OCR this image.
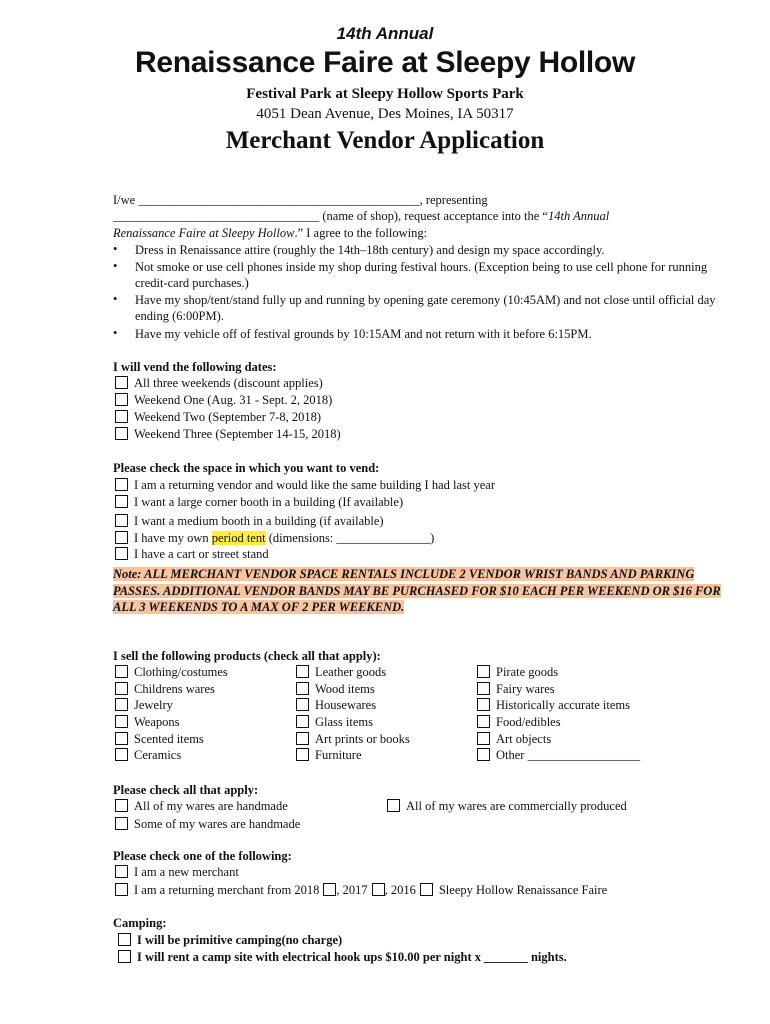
14th Annual
Renaissance Faire at Sleepy Hollow
Festival Park at Sleepy Hollow Sports Park
4051 Dean Avenue, Des Moines, IA 50317
Merchant Vendor Application
I/we _____________________________________________, representing
_________________________________ (name of shop), request acceptance into the “14th Annual
Renaissance Faire at Sleepy Hollow.” I agree to the following:
• Dress in Renaissance attire (roughly the 14th–18th century) and design my space accordingly.
• Not smoke or use cell phones inside my shop during festival hours. (Exception being to use cell phone for running credit-card purchases.)
• Have my shop/tent/stand fully up and running by opening gate ceremony (10:45AM) and not close until official day ending (6:00PM).
• Have my vehicle off of festival grounds by 10:15AM and not return with it before 6:15PM.
I will vend the following dates:
All three weekends (discount applies)
Weekend One (Aug. 31 - Sept. 2, 2018)
Weekend Two (September 7-8, 2018)
Weekend Three (September 14-15, 2018)
Please check the space in which you want to vend:
I am a returning vendor and would like the same building I had last year
I want a large corner booth in a building (If available)
I want a medium booth in a building (if available)
I have my own period tent (dimensions: _______________)
I have a cart or street stand
Note: ALL MERCHANT VENDOR SPACE RENTALS INCLUDE 2 VENDOR WRIST BANDS AND PARKING PASSES. ADDITIONAL VENDOR BANDS MAY BE PURCHASED FOR $10 EACH PER WEEKEND OR $16 FOR ALL 3 WEEKENDS TO A MAX OF 2 PER WEEKEND.
I sell the following products (check all that apply):
Clothing/costumes
Childrens wares
Jewelry
Weapons
Scented items
Ceramics
Leather goods
Wood items
Housewares
Glass items
Art prints or books
Furniture
Pirate goods
Fairy wares
Historically accurate items
Food/edibles
Art objects
Other __________________
Please check all that apply:
All of my wares are handmade	All of my wares are commercially produced
Some of my wares are handmade
Please check one of the following:
I am a new merchant
I am a returning merchant from 2018 , 2017 , 2016 Sleepy Hollow Renaissance Faire
Camping:
I will be primitive camping(no charge)
I will rent a camp site with electrical hook ups $10.00 per night x _______ nights.
